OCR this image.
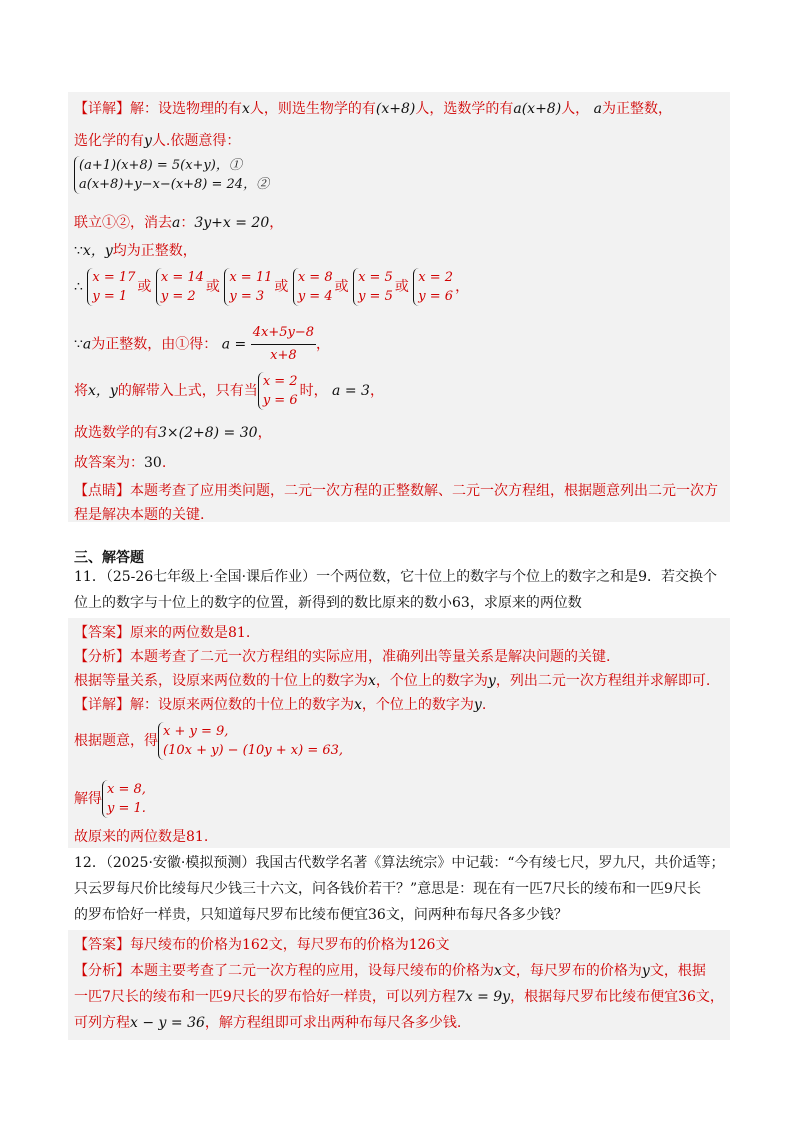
【详解】解：设选物理的有x人，则选生物学的有(x+8)人，选数学的有a(x+8)人， a为正整数，
选化学的有y人.依题意得：
(a+1)(x+8) = 5(x+y)，①
a(x+8)+y−x−(x+8) = 24，②
联立①②，消去a：3y+x = 20，
∵x，y均为正整数，
∴
x = 17
y = 1
或
x = 14
y = 2
或
x = 11
y = 3
或
x = 8
y = 4
或
x = 5
y = 5
或
x = 2
y = 6
，
∵a为正整数，由①得： $a = \frac{4x+5y-8}{x+8}$ ，
将x，y的解带入上式，只有当
x = 2
y = 6
时， a = 3，
故选数学的有3×(2+8) = 30，
故答案为：30.
【点睛】本题考查了应用类问题，二元一次方程的正整数解、二元一次方程组，根据题意列出二元一次方
程是解决本题的关键.
三、解答题
11．（25-26七年级上·全国·课后作业）一个两位数，它十位上的数字与个位上的数字之和是9．若交换个
位上的数字与十位上的数字的位置，新得到的数比原来的数小63，求原来的两位数
【答案】原来的两位数是81.
【分析】本题考查了二元一次方程组的实际应用，准确列出等量关系是解决问题的关键.
根据等量关系，设原来两位数的十位上的数字为x，个位上的数字为y，列出二元一次方程组并求解即可.
【详解】解：设原来两位数的十位上的数字为x，个位上的数字为y.
根据题意，得
x + y = 9,
(10x + y) − (10y + x) = 63,
解得
x = 8,
y = 1.
故原来的两位数是81.
12．（2025·安徽·模拟预测）我国古代数学名著《算法统宗》中记载：“今有绫七尺，罗九尺，共价适等；
只云罗每尺价比绫每尺少钱三十六文，问各钱价若干？”意思是：现在有一匹7尺长的绫布和一匹9尺长
的罗布恰好一样贵，只知道每尺罗布比绫布便宜36文，问两种布每尺各多少钱？
【答案】每尺绫布的价格为162文，每尺罗布的价格为126文
【分析】本题主要考查了二元一次方程的应用，设每尺绫布的价格为x文，每尺罗布的价格为y文，根据
一匹7尺长的绫布和一匹9尺长的罗布恰好一样贵，可以列方程7x = 9y，根据每尺罗布比绫布便宜36文，
可列方程x − y = 36，解方程组即可求出两种布每尺各多少钱.
